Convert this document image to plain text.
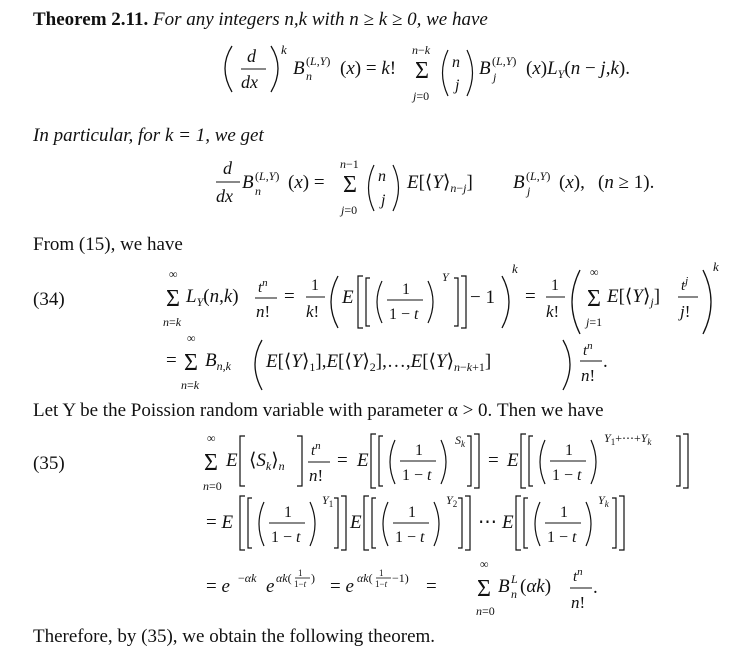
Theorem 2.11. For any integers n,k with n ≥ k ≥ 0, we have
d
dx
k
B (L,Y)
n (x) = k! Σ
n−k
j=0
n
j
B (L,Y)
j $(x)L_Y(n - j,k)$.
In particular, for k = 1, we get
d
dx
B (L,Y)
n (x) = Σ
n−1
j=0
n
j
$E[⟨Y⟩_{n-j}]$ B (L,Y)
j (x), (n ≥ 1).
From (15), we have
(34)	Σ
∞
n=k
$L_Y(n,k)$ $t^n$
n!
=
1
k!
E	1
1 − t
Y
− 1
k
=
1
k! Σ
∞
j=1
$E[⟨Y⟩_j]$ $t^j$
j!
k
= Σ
∞
n=k
$B_{n,k}$ $E[⟨Y⟩_1],E[⟨Y⟩_2],\dots,E[⟨Y⟩_{n-k+1}]$	$t^n$
n!
.
Let Y be the Poission random variable with parameter α > 0. Then we have
(35)	Σ
∞
n=0
E $⟨S_k⟩_n$
$t^n$
n!
= E	1
1 − t
$S_k$
= E	1
1 − t
$Y_1+\cdots+Y_k$
= E	1
1 − t
$Y_1$
E	1
1 − t
$Y_2$
⋯ E	1
1 − t
$Y_k$
= e −αk e αk( 1
1−t ) = e αk( 1
1−t −1) = Σ
∞
n=0
B L
n (αk) $t^n$
n!
.
Therefore, by (35), we obtain the following theorem.
